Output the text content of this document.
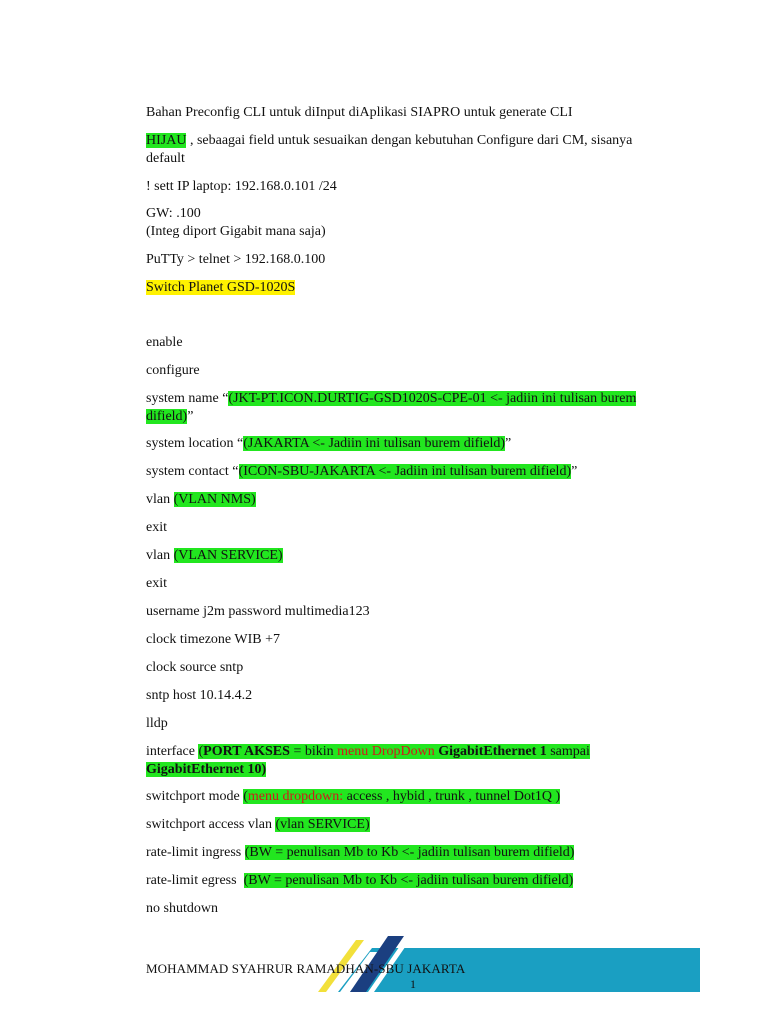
Bahan Preconfig CLI untuk diInput diAplikasi SIAPRO untuk generate CLI
HIJAU , sebaagai field untuk sesuaikan dengan kebutuhan Configure dari CM, sisanya default
! sett IP laptop: 192.168.0.101 /24
GW: .100
(Integ diport Gigabit mana saja)
PuTTy > telnet > 192.168.0.100
Switch Planet GSD-1020S
enable
configure
system name “(JKT-PT.ICON.DURTIG-GSD1020S-CPE-01 <- jadiin ini tulisan burem difield)”
system location “(JAKARTA <- Jadiin ini tulisan burem difield)”
system contact “(ICON-SBU-JAKARTA <- Jadiin ini tulisan burem difield)”
vlan (VLAN NMS)
exit
vlan (VLAN SERVICE)
exit
username j2m password multimedia123
clock timezone WIB +7
clock source sntp
sntp host 10.14.4.2
lldp
interface (PORT AKSES = bikin menu DropDown GigabitEthernet 1 sampai GigabitEthernet 10)
switchport mode (menu dropdown: access , hybid , trunk , tunnel Dot1Q )
switchport access vlan (vlan SERVICE)
rate-limit ingress (BW = penulisan Mb to Kb <- jadiin tulisan burem difield)
rate-limit egress  (BW = penulisan Mb to Kb <- jadiin tulisan burem difield)
no shutdown
MOHAMMAD SYAHRUR RAMADHAN-SBU JAKARTA
1
